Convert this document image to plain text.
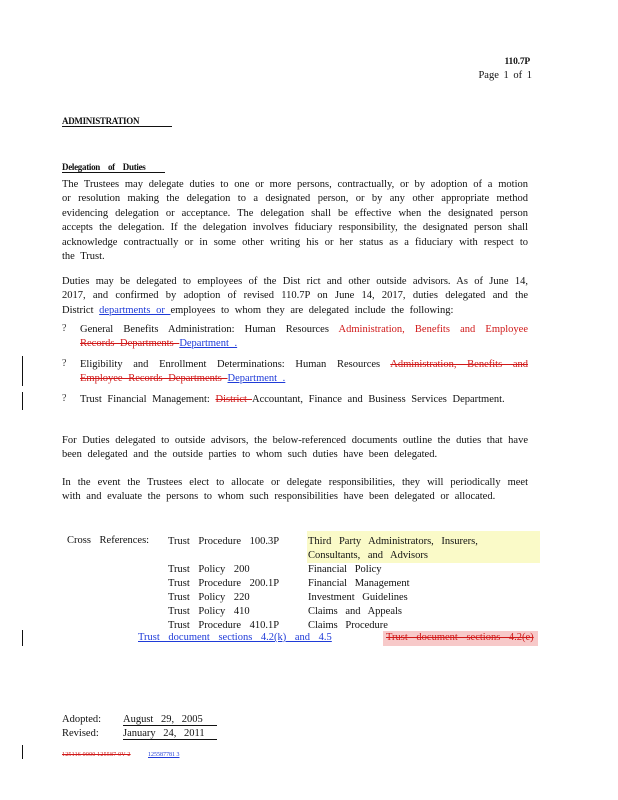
110.7P
Page 1 of 1
ADMINISTRATION
Delegation of Duties
The Trustees may delegate duties to one or more persons, contractually, or by adoption of a motion or resolution making the delegation to a designated person, or by any other appropriate method evidencing delegation or acceptance. The delegation shall be effective when the designated person accepts the delegation. If the delegation involves fiduciary responsibility, the designated person shall acknowledge contractually or in some other writing his or her status as a fiduciary with respect to the Trust.
Duties may be delegated to employees of the Dist rict and other outside advisors. As of June 14, 2017, and confirmed by adoption of revised 110.7P on June 14, 2017, duties delegated and the District departments or employees to whom they are delegated include the following:
? General Benefits Administration: Human Resources Administration, Benefits and Employee Records Departments Department .
? Eligibility and Enrollment Determinations: Human Resources Administration, Benefits and Employee Records Departments Department .
? Trust Financial Management: District Accountant, Finance and Business Services Department.
For Duties delegated to outside advisors, the below-referenced documents outline the duties that have been delegated and the outside parties to whom such duties have been delegated.
In the event the Trustees elect to allocate or delegate responsibilities, they will periodically meet with and evaluate the persons to whom such responsibilities have been delegated or allocated.
Cross References: Trust Procedure 100.3P	Third Party Administrators, Insurers,
Consultants, and Advisors
Trust Policy 200	Financial Policy
Trust Procedure 200.1P	Financial Management
Trust Policy 220	Investment Guidelines
Trust Policy 410	Claims and Appeals
Trust Procedure 410.1P	Claims Procedure
Trust document sections 4.2(k) and 4.5	Trust document sections 4.2(e)
Adopted: August 29, 2005
Revised: January 24, 2011
125116 0000 125587 0V 2	125587781 3
